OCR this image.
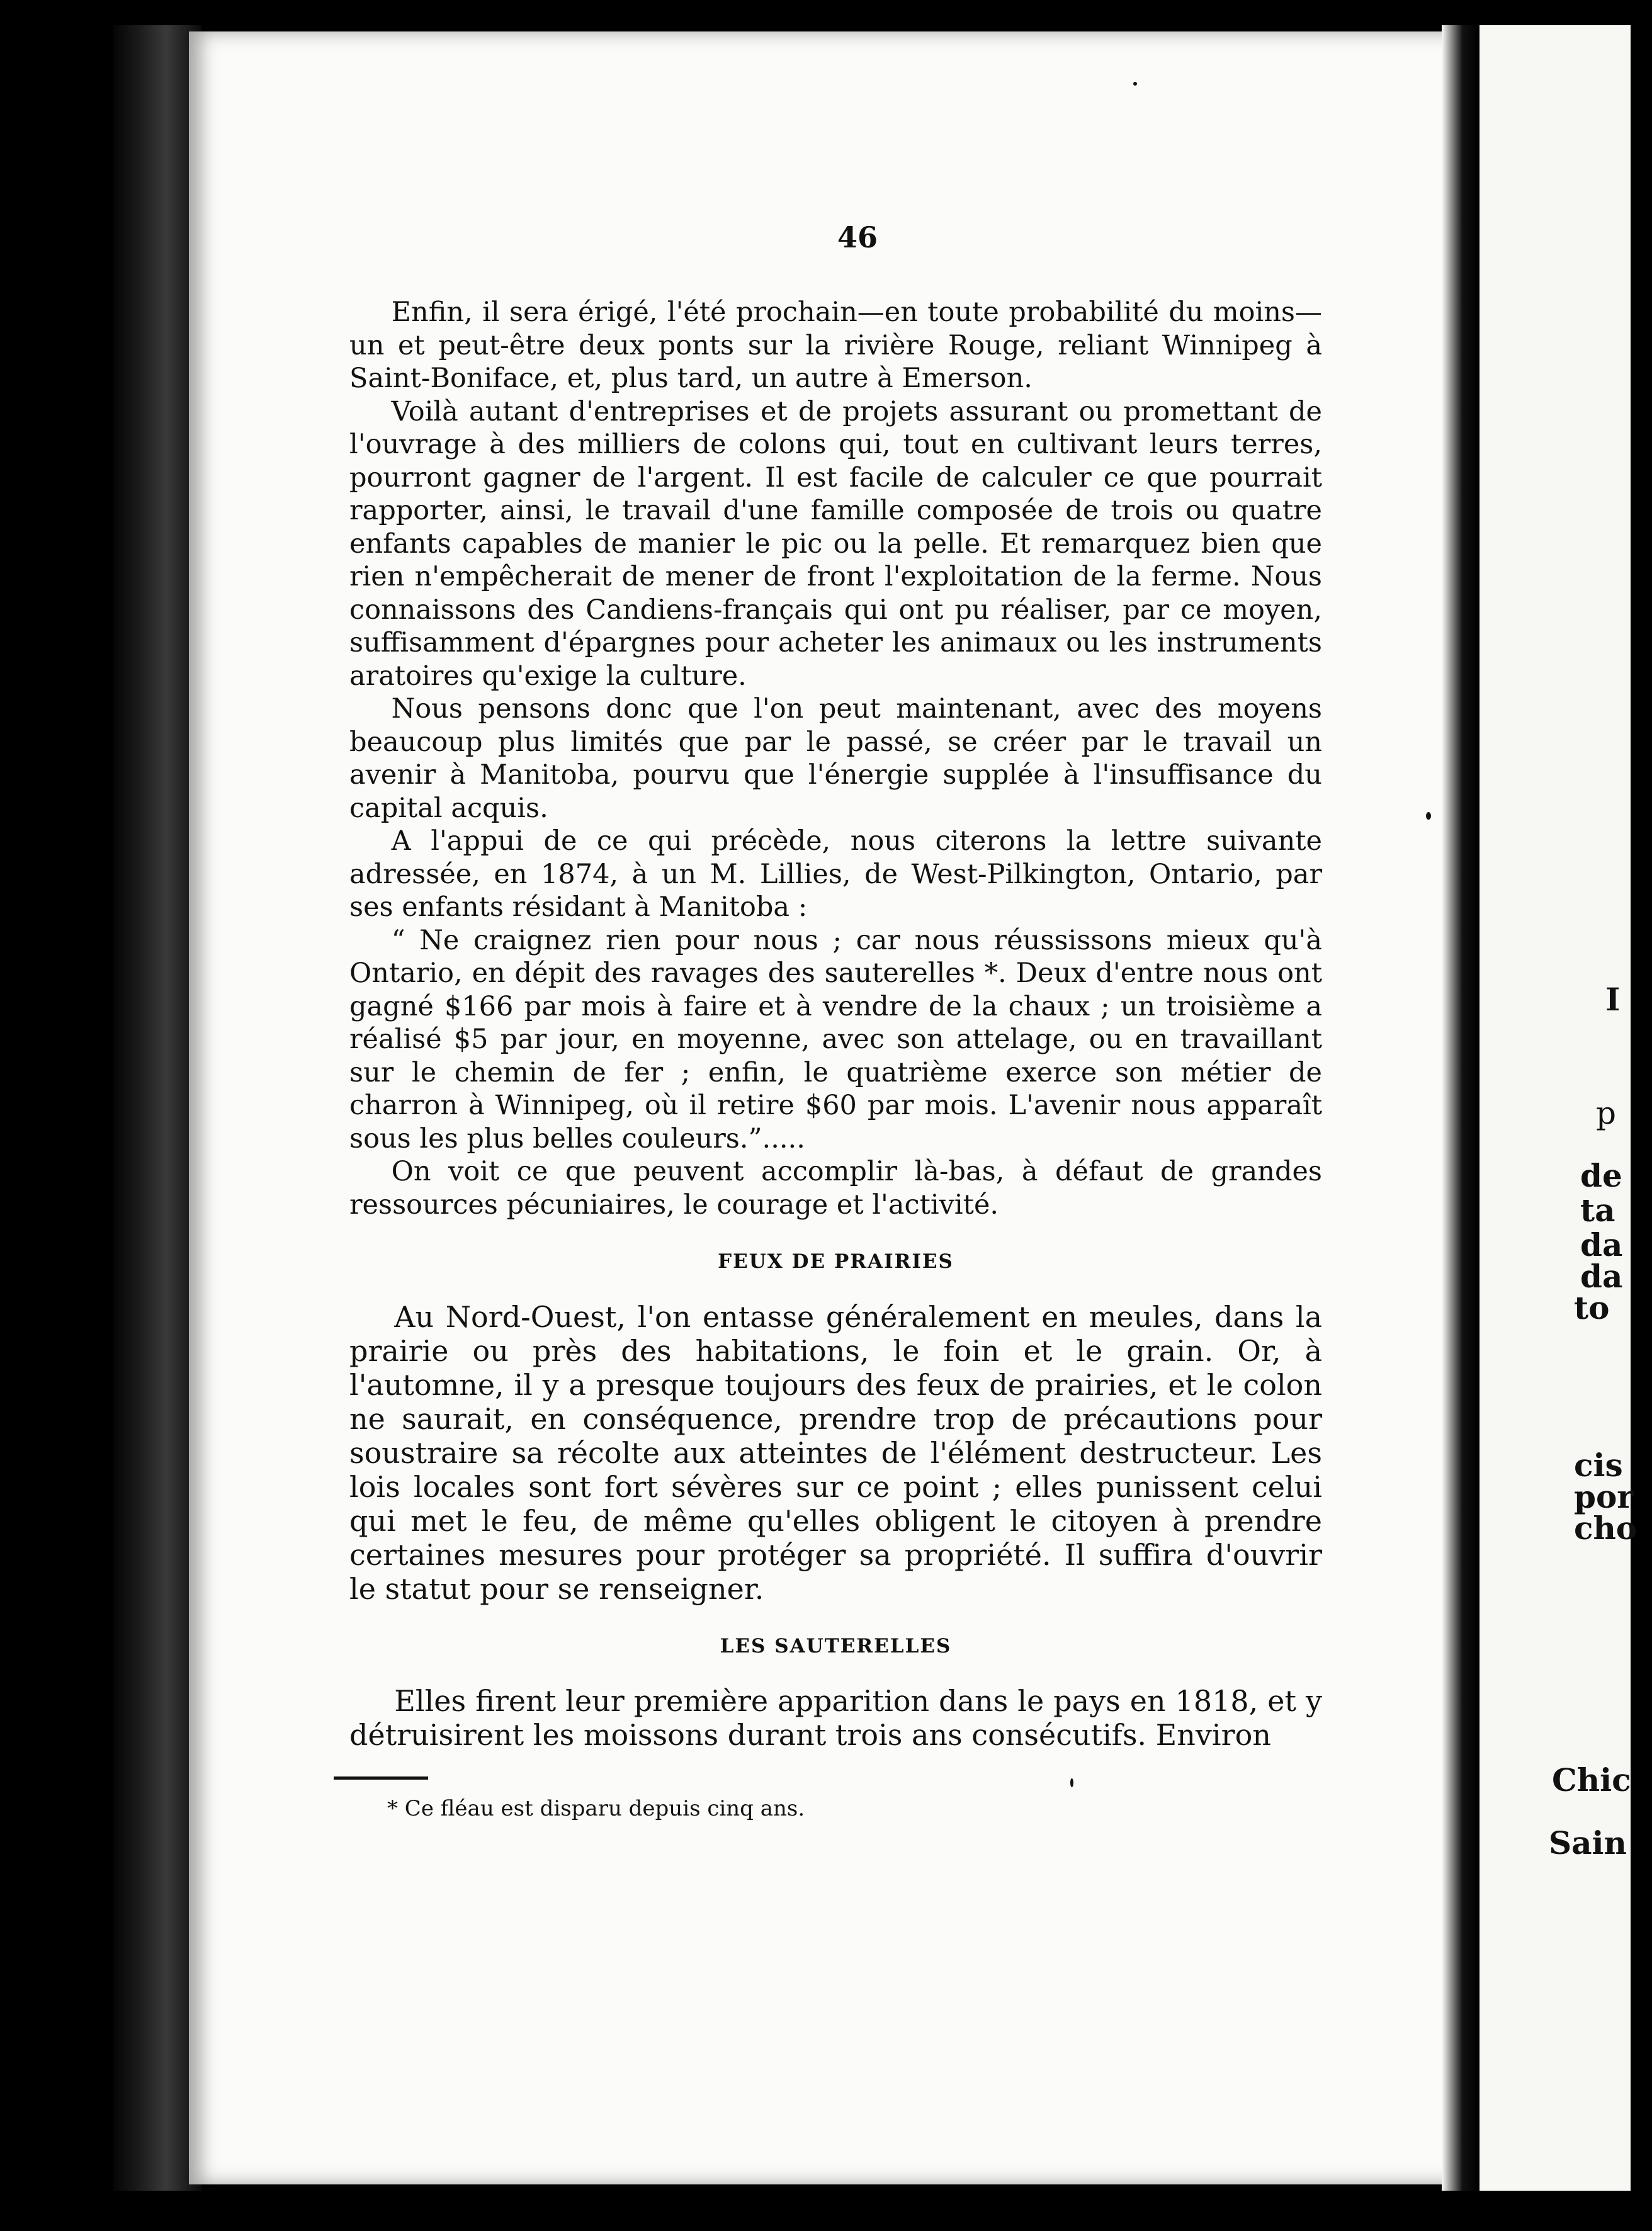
46

Enfin, il sera érigé, l'été prochain—en toute probabilité du moins—un et peut-être deux ponts sur la rivière Rouge, reliant Winnipeg à Saint-Boniface, et, plus tard, un autre à Emerson.

Voilà autant d'entreprises et de projets assurant ou promettant de l'ouvrage à des milliers de colons qui, tout en cultivant leurs terres, pourront gagner de l'argent. Il est facile de calculer ce que pourrait rapporter, ainsi, le travail d'une famille composée de trois ou quatre enfants capables de manier le pic ou la pelle. Et remarquez bien que rien n'empêcherait de mener de front l'exploitation de la ferme. Nous connaissons des Candiens-français qui ont pu réaliser, par ce moyen, suffisamment d'épargnes pour acheter les animaux ou les instruments aratoires qu'exige la culture.

Nous pensons donc que l'on peut maintenant, avec des moyens beaucoup plus limités que par le passé, se créer par le travail un avenir à Manitoba, pourvu que l'énergie supplée à l'insuffisance du capital acquis.

A l'appui de ce qui précède, nous citerons la lettre suivante adressée, en 1874, à un M. Lillies, de West-Pilkington, Ontario, par ses enfants résidant à Manitoba :

“ Ne craignez rien pour nous ; car nous réussissons mieux qu'à Ontario, en dépit des ravages des sauterelles *. Deux d'entre nous ont gagné $166 par mois à faire et à vendre de la chaux ; un troisième a réalisé $5 par jour, en moyenne, avec son attelage, ou en travaillant sur le chemin de fer ; enfin, le quatrième exerce son métier de charron à Winnipeg, où il retire $60 par mois. L'avenir nous apparaît sous les plus belles couleurs.”.....

On voit ce que peuvent accomplir là-bas, à défaut de grandes ressources pécuniaires, le courage et l'activité.

FEUX DE PRAIRIES

Au Nord-Ouest, l'on entasse généralement en meules, dans la prairie ou près des habitations, le foin et le grain. Or, à l'automne, il y a presque toujours des feux de prairies, et le colon ne saurait, en conséquence, prendre trop de précautions pour soustraire sa récolte aux atteintes de l'élément destructeur. Les lois locales sont fort sévères sur ce point ; elles punissent celui qui met le feu, de même qu'elles obligent le citoyen à prendre certaines mesures pour protéger sa propriété. Il suffira d'ouvrir le statut pour se renseigner.

LES SAUTERELLES

Elles firent leur première apparition dans le pays en 1818, et y détruisirent les moissons durant trois ans consécutifs. Environ

* Ce fléau est disparu depuis cinq ans.

I

p

de

ta

da

da

to

cis

por

cho

Chic

Sain
